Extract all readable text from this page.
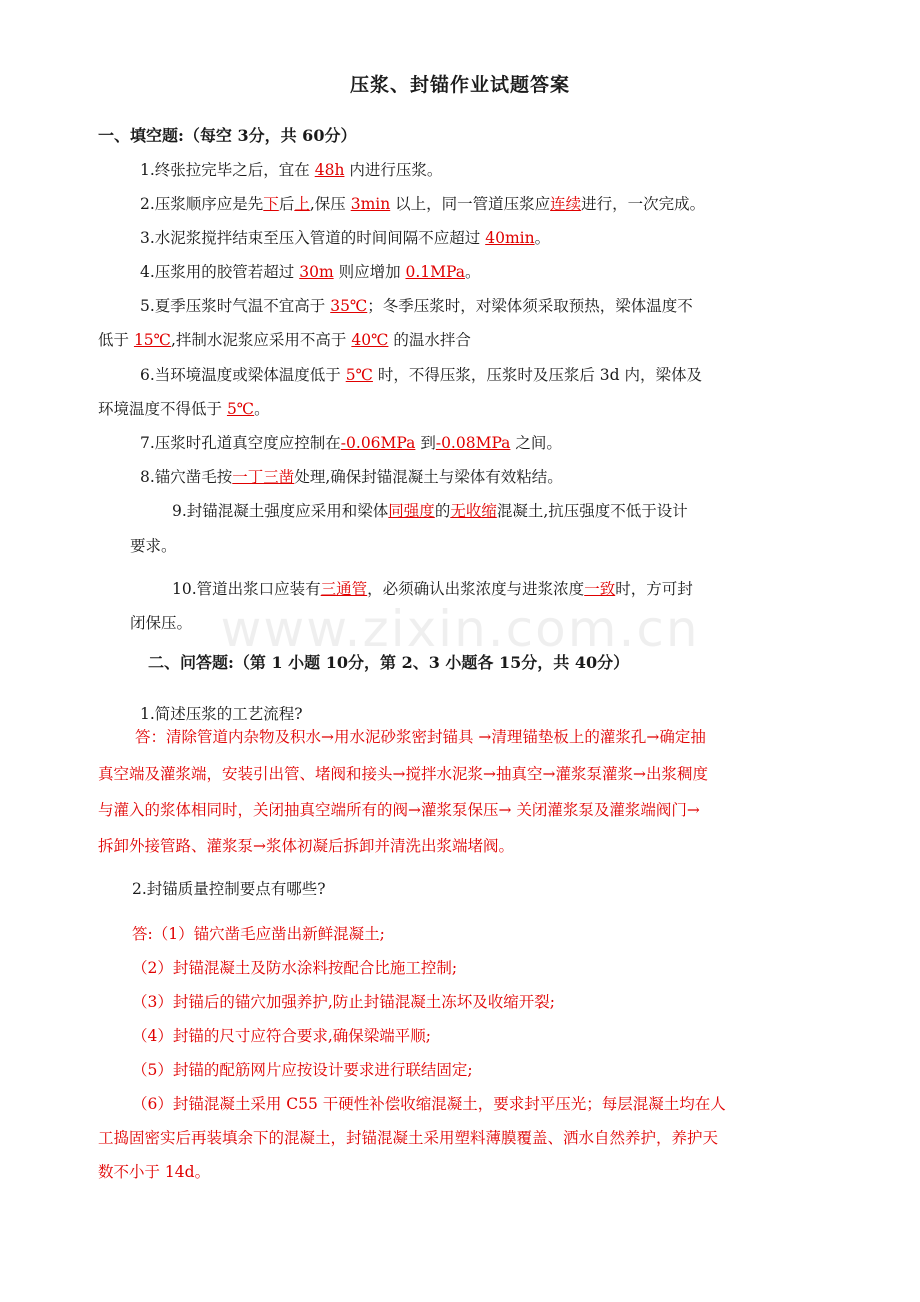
www.zixin.com.cn
压浆、封锚作业试题答案
一、填空题:（每空 3分，共 60分）
1.终张拉完毕之后，宜在 48h 内进行压浆。
2.压浆顺序应是先下后上,保压 3min 以上，同一管道压浆应连续进行，一次完成。
3.水泥浆搅拌结束至压入管道的时间间隔不应超过 40min。
4.压浆用的胶管若超过 30m 则应增加 0.1MPa。
5.夏季压浆时气温不宜高于 35℃；冬季压浆时，对梁体须采取预热，梁体温度不
低于 15℃,拌制水泥浆应采用不高于 40℃ 的温水拌合
6.当环境温度或梁体温度低于 5℃ 时，不得压浆，压浆时及压浆后 3d 内，梁体及
环境温度不得低于 5℃。
7.压浆时孔道真空度应控制在-0.06MPa 到-0.08MPa 之间。
8.锚穴凿毛按一丁三凿处理,确保封锚混凝土与梁体有效粘结。
9.封锚混凝土强度应采用和梁体同强度的无收缩混凝土,抗压强度不低于设计
要求。
10.管道出浆口应装有三通管，必须确认出浆浓度与进浆浓度一致时，方可封
闭保压。
二、问答题:（第 1 小题 10分，第 2、3 小题各 15分，共 40分）
1.简述压浆的工艺流程?
答：清除管道内杂物及积水→用水泥砂浆密封锚具 →清理锚垫板上的灌浆孔→确定抽
真空端及灌浆端，安装引出管、堵阀和接头→搅拌水泥浆→抽真空→灌浆泵灌浆→出浆稠度
与灌入的浆体相同时，关闭抽真空端所有的阀→灌浆泵保压→ 关闭灌浆泵及灌浆端阀门→
拆卸外接管路、灌浆泵→浆体初凝后拆卸并清洗出浆端堵阀。
2.封锚质量控制要点有哪些?
答:（1）锚穴凿毛应凿出新鲜混凝土;
（2）封锚混凝土及防水涂料按配合比施工控制;
（3）封锚后的锚穴加强养护,防止封锚混凝土冻坏及收缩开裂;
（4）封锚的尺寸应符合要求,确保梁端平顺;
（5）封锚的配筋网片应按设计要求进行联结固定;
（6）封锚混凝土采用 C55 干硬性补偿收缩混凝土，要求封平压光；每层混凝土均在人
工捣固密实后再装填余下的混凝土，封锚混凝土采用塑料薄膜覆盖、洒水自然养护，养护天
数不小于 14d。
